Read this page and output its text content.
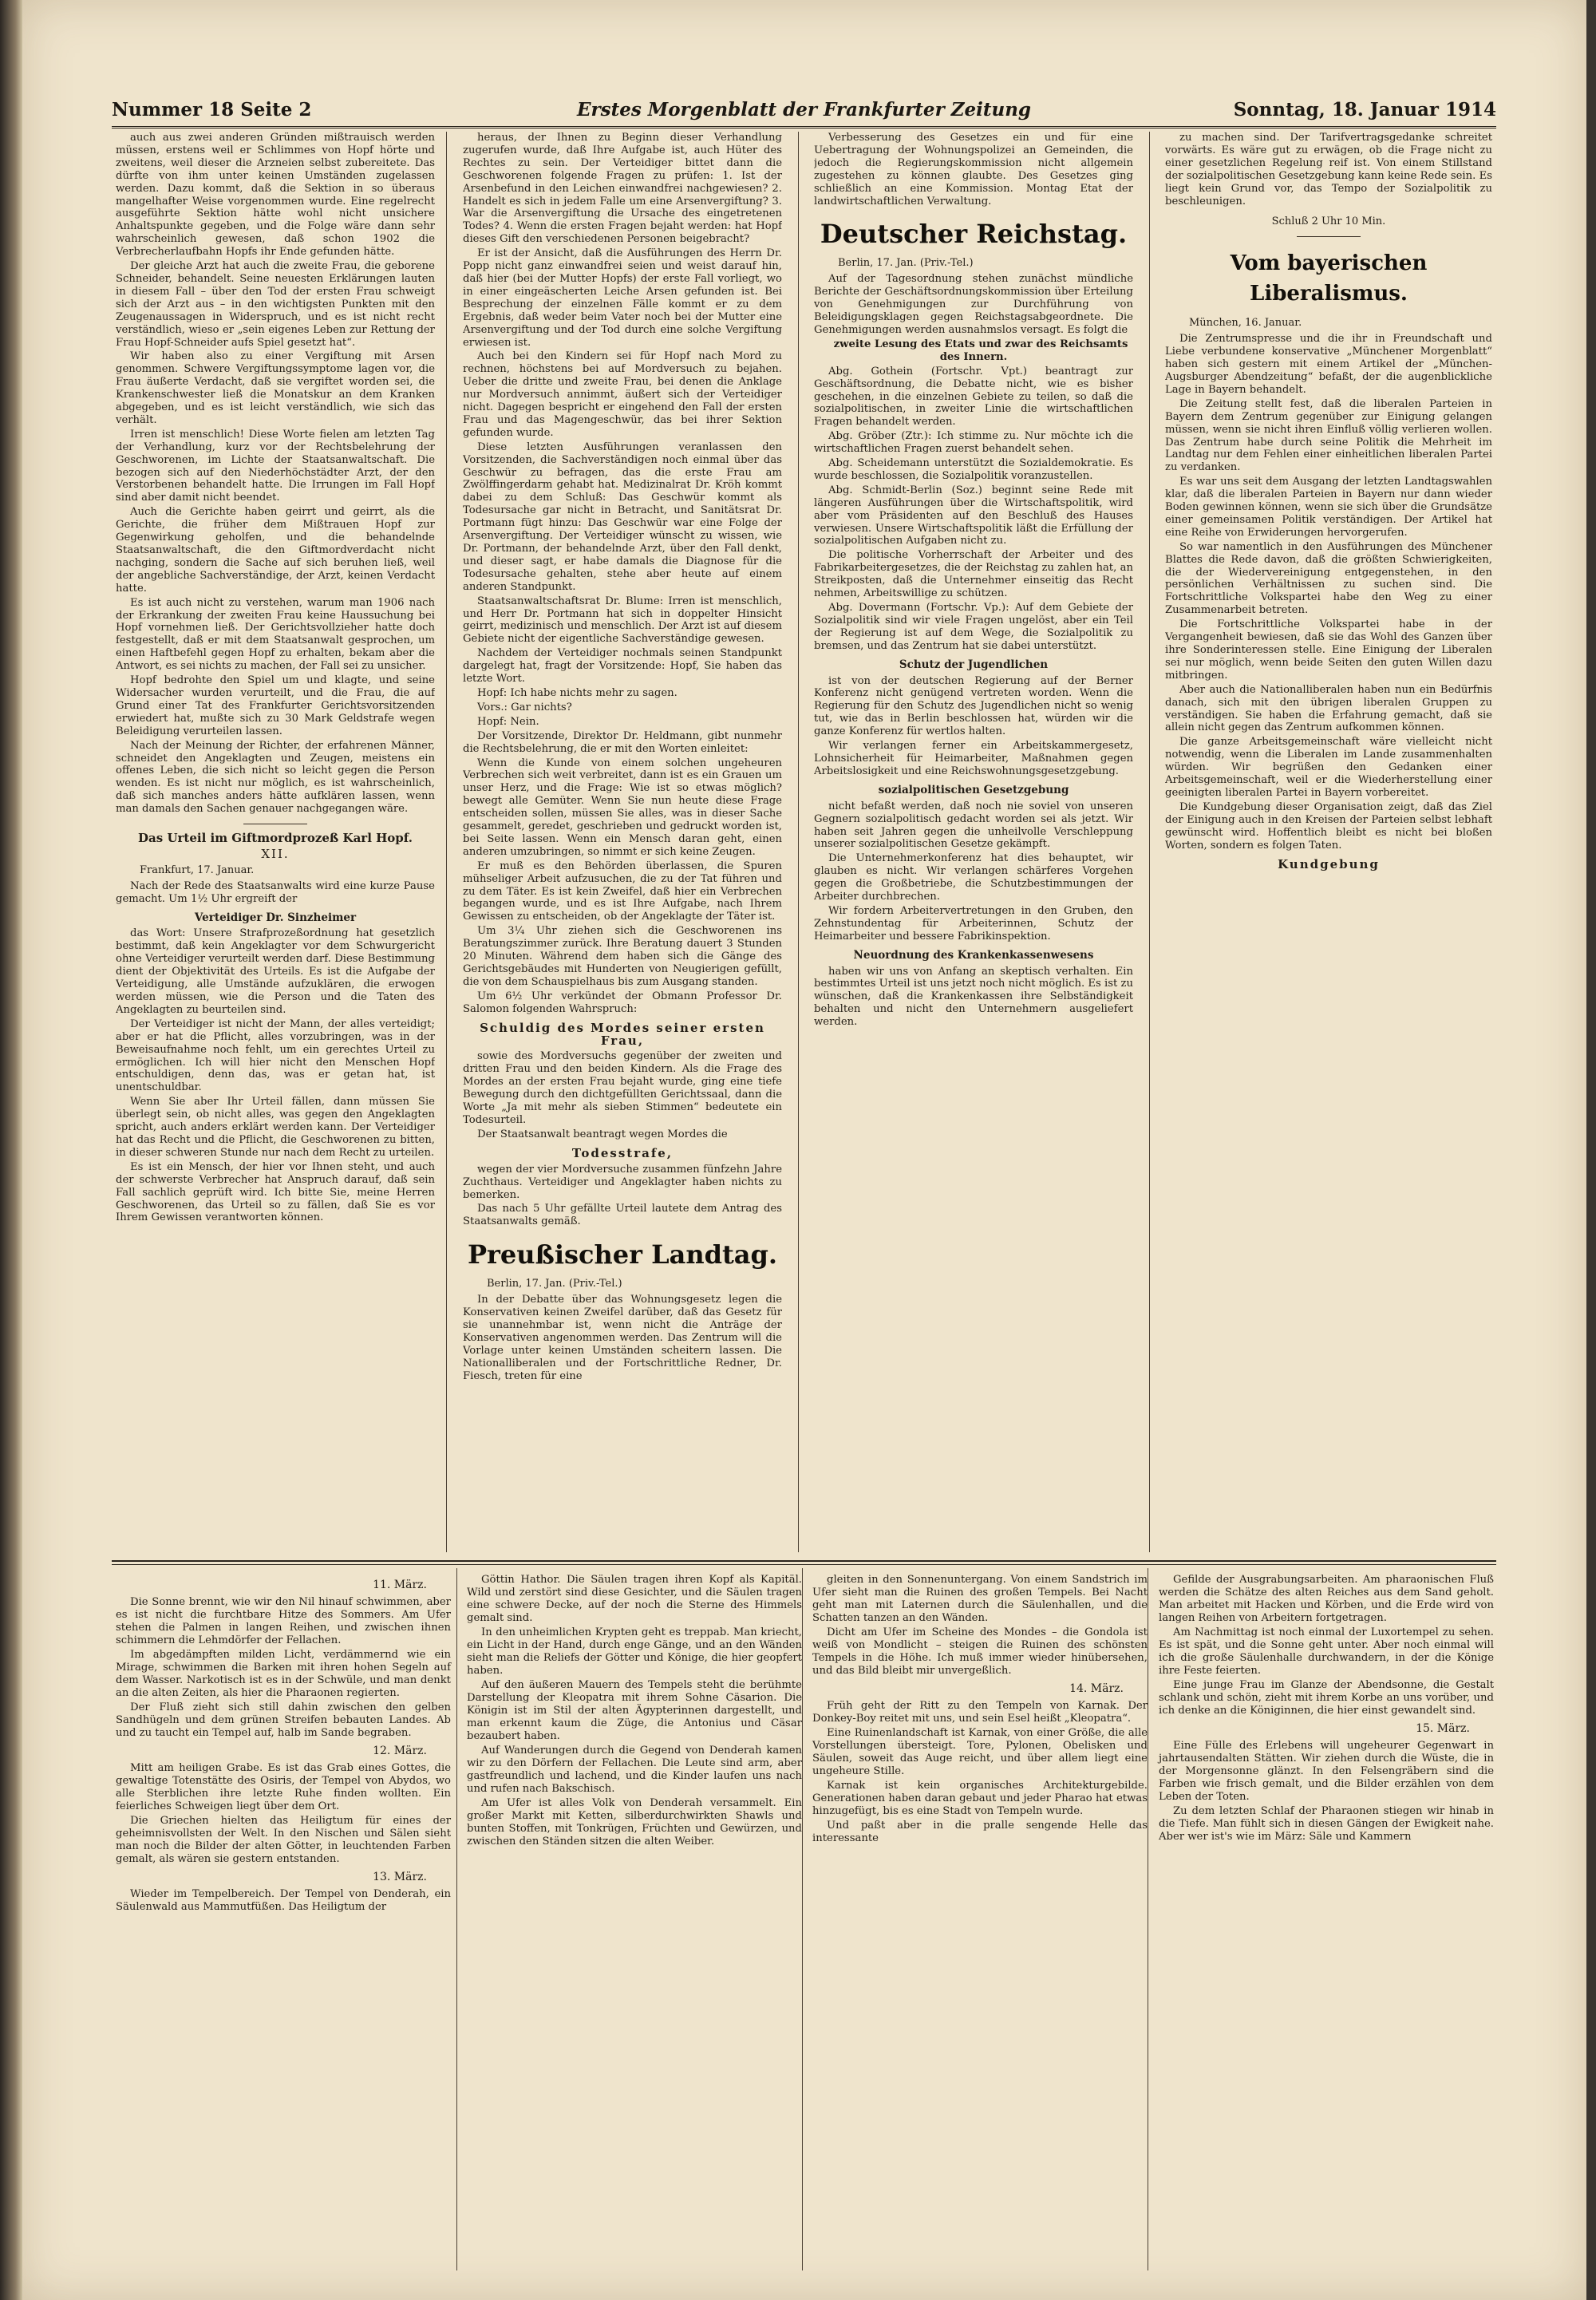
Nummer 18 Seite 2	Erstes Morgenblatt der Frankfurter Zeitung	Sonntag, 18. Januar 1914

auch aus zwei anderen Gründen mißtrauisch werden müssen, erstens weil er Schlimmes von Hopf hörte und zweitens, weil dieser die Arzneien selbst zubereitete. Das dürfte von ihm unter keinen Umständen zugelassen werden. Dazu kommt, daß die Sektion in so überaus mangelhafter Weise vorgenommen wurde. Eine regelrecht ausgeführte Sektion hätte wohl nicht unsichere Anhaltspunkte gegeben, und die Folge wäre dann sehr wahrscheinlich gewesen, daß schon 1902 die Verbrecherlaufbahn Hopfs ihr Ende gefunden hätte.

Der gleiche Arzt hat auch die zweite Frau, die geborene Schneider, behandelt. Seine neuesten Erklärungen lauten in diesem Fall – über den Tod der ersten Frau schweigt sich der Arzt aus – in den wichtigsten Punkten mit den Zeugenaussagen in Widerspruch, und es ist nicht recht verständlich, wieso er „sein eigenes Leben zur Rettung der Frau Hopf-Schneider aufs Spiel gesetzt hat“.

Wir haben also zu einer Vergiftung mit Arsen genommen. Schwere Vergiftungssymptome lagen vor, die Frau äußerte Verdacht, daß sie vergiftet worden sei, die Krankenschwester ließ die Monatskur an dem Kranken abgegeben, und es ist leicht verständlich, wie sich das verhält.

Irren ist menschlich! Diese Worte fielen am letzten Tag der Verhandlung, kurz vor der Rechtsbelehrung der Geschworenen, im Lichte der Staatsanwaltschaft. Die bezogen sich auf den Niederhöchstädter Arzt, der den Verstorbenen behandelt hatte. Die Irrungen im Fall Hopf sind aber damit nicht beendet.

Auch die Gerichte haben geirrt und geirrt, als die Gerichte, die früher dem Mißtrauen Hopf zur Gegenwirkung geholfen, und die behandelnde Staatsanwaltschaft, die den Giftmordverdacht nicht nachging, sondern die Sache auf sich beruhen ließ, weil der angebliche Sachverständige, der Arzt, keinen Verdacht hatte.

Es ist auch nicht zu verstehen, warum man 1906 nach der Erkrankung der zweiten Frau keine Haussuchung bei Hopf vornehmen ließ. Der Gerichtsvollzieher hatte doch festgestellt, daß er mit dem Staatsanwalt gesprochen, um einen Haftbefehl gegen Hopf zu erhalten, bekam aber die Antwort, es sei nichts zu machen, der Fall sei zu unsicher.

Hopf bedrohte den Spiel um und klagte, und seine Widersacher wurden verurteilt, und die Frau, die auf Grund einer Tat des Frankfurter Gerichtsvorsitzenden erwiedert hat, mußte sich zu 30 Mark Geldstrafe wegen Beleidigung verurteilen lassen.

Nach der Meinung der Richter, der erfahrenen Männer, schneidet den Angeklagten und Zeugen, meistens ein offenes Leben, die sich nicht so leicht gegen die Person wenden. Es ist nicht nur möglich, es ist wahrscheinlich, daß sich manches anders hätte aufklären lassen, wenn man damals den Sachen genauer nachgegangen wäre.

Das Urteil im Giftmordprozeß Karl Hopf.
XII.
Frankfurt, 17. Januar.

Nach der Rede des Staatsanwalts wird eine kurze Pause gemacht. Um 1½ Uhr ergreift der

Verteidiger Dr. Sinzheimer

das Wort: Unsere Strafprozeßordnung hat gesetzlich bestimmt, daß kein Angeklagter vor dem Schwurgericht ohne Verteidiger verurteilt werden darf. Diese Bestimmung dient der Objektivität des Urteils. Es ist die Aufgabe der Verteidigung, alle Umstände aufzuklären, die erwogen werden müssen, wie die Person und die Taten des Angeklagten zu beurteilen sind.

Der Verteidiger ist nicht der Mann, der alles verteidigt; aber er hat die Pflicht, alles vorzubringen, was in der Beweisaufnahme noch fehlt, um ein gerechtes Urteil zu ermöglichen. Ich will hier nicht den Menschen Hopf entschuldigen, denn das, was er getan hat, ist unentschuldbar.

Wenn Sie aber Ihr Urteil fällen, dann müssen Sie überlegt sein, ob nicht alles, was gegen den Angeklagten spricht, auch anders erklärt werden kann. Der Verteidiger hat das Recht und die Pflicht, die Geschworenen zu bitten, in dieser schweren Stunde nur nach dem Recht zu urteilen.

Es ist ein Mensch, der hier vor Ihnen steht, und auch der schwerste Verbrecher hat Anspruch darauf, daß sein Fall sachlich geprüft wird. Ich bitte Sie, meine Herren Geschworenen, das Urteil so zu fällen, daß Sie es vor Ihrem Gewissen verantworten können.

heraus, der Ihnen zu Beginn dieser Verhandlung zugerufen wurde, daß Ihre Aufgabe ist, auch Hüter des Rechtes zu sein. Der Verteidiger bittet dann die Geschworenen folgende Fragen zu prüfen: 1. Ist der Arsenbefund in den Leichen einwandfrei nachgewiesen? 2. Handelt es sich in jedem Falle um eine Arsenvergiftung? 3. War die Arsenvergiftung die Ursache des eingetretenen Todes? 4. Wenn die ersten Fragen bejaht werden: hat Hopf dieses Gift den verschiedenen Personen beigebracht?

Er ist der Ansicht, daß die Ausführungen des Herrn Dr. Popp nicht ganz einwandfrei seien und weist darauf hin, daß hier (bei der Mutter Hopfs) der erste Fall vorliegt, wo in einer eingeäscherten Leiche Arsen gefunden ist. Bei Besprechung der einzelnen Fälle kommt er zu dem Ergebnis, daß weder beim Vater noch bei der Mutter eine Arsenvergiftung und der Tod durch eine solche Vergiftung erwiesen ist.

Auch bei den Kindern sei für Hopf nach Mord zu rechnen, höchstens bei auf Mordversuch zu bejahen. Ueber die dritte und zweite Frau, bei denen die Anklage nur Mordversuch annimmt, äußert sich der Verteidiger nicht. Dagegen bespricht er eingehend den Fall der ersten Frau und das Magengeschwür, das bei ihrer Sektion gefunden wurde.

Diese letzten Ausführungen veranlassen den Vorsitzenden, die Sachverständigen noch einmal über das Geschwür zu befragen, das die erste Frau am Zwölffingerdarm gehabt hat. Medizinalrat Dr. Kröh kommt dabei zu dem Schluß: Das Geschwür kommt als Todesursache gar nicht in Betracht, und Sanitätsrat Dr. Portmann fügt hinzu: Das Geschwür war eine Folge der Arsenvergiftung. Der Verteidiger wünscht zu wissen, wie Dr. Portmann, der behandelnde Arzt, über den Fall denkt, und dieser sagt, er habe damals die Diagnose für die Todesursache gehalten, stehe aber heute auf einem anderen Standpunkt.

Staatsanwaltschaftsrat Dr. Blume: Irren ist menschlich, und Herr Dr. Portmann hat sich in doppelter Hinsicht geirrt, medizinisch und menschlich. Der Arzt ist auf diesem Gebiete nicht der eigentliche Sachverständige gewesen.

Nachdem der Verteidiger nochmals seinen Standpunkt dargelegt hat, fragt der Vorsitzende: Hopf, Sie haben das letzte Wort.

Hopf: Ich habe nichts mehr zu sagen.

Vors.: Gar nichts?

Hopf: Nein.

Der Vorsitzende, Direktor Dr. Heldmann, gibt nunmehr die Rechtsbelehrung, die er mit den Worten einleitet:

Wenn die Kunde von einem solchen ungeheuren Verbrechen sich weit verbreitet, dann ist es ein Grauen um unser Herz, und die Frage: Wie ist so etwas möglich? bewegt alle Gemüter. Wenn Sie nun heute diese Frage entscheiden sollen, müssen Sie alles, was in dieser Sache gesammelt, geredet, geschrieben und gedruckt worden ist, bei Seite lassen. Wenn ein Mensch daran geht, einen anderen umzubringen, so nimmt er sich keine Zeugen.

Er muß es den Behörden überlassen, die Spuren mühseliger Arbeit aufzusuchen, die zu der Tat führen und zu dem Täter. Es ist kein Zweifel, daß hier ein Verbrechen begangen wurde, und es ist Ihre Aufgabe, nach Ihrem Gewissen zu entscheiden, ob der Angeklagte der Täter ist.

Um 3¼ Uhr ziehen sich die Geschworenen ins Beratungszimmer zurück. Ihre Beratung dauert 3 Stunden 20 Minuten. Während dem haben sich die Gänge des Gerichtsgebäudes mit Hunderten von Neugierigen gefüllt, die von dem Schauspielhaus bis zum Ausgang standen.

Um 6½ Uhr verkündet der Obmann Professor Dr. Salomon folgenden Wahrspruch:

Schuldig des Mordes seiner ersten Frau,

sowie des Mordversuchs gegenüber der zweiten und dritten Frau und den beiden Kindern. Als die Frage des Mordes an der ersten Frau bejaht wurde, ging eine tiefe Bewegung durch den dichtgefüllten Gerichtssaal, dann die Worte „Ja mit mehr als sieben Stimmen“ bedeutete ein Todesurteil.

Der Staatsanwalt beantragt wegen Mordes die

Todesstrafe,

wegen der vier Mordversuche zusammen fünfzehn Jahre Zuchthaus. Verteidiger und Angeklagter haben nichts zu bemerken.

Das nach 5 Uhr gefällte Urteil lautete dem Antrag des Staatsanwalts gemäß.

Preußischer Landtag.
Berlin, 17. Jan. (Priv.-Tel.)

In der Debatte über das Wohnungsgesetz legen die Konservativen keinen Zweifel darüber, daß das Gesetz für sie unannehmbar ist, wenn nicht die Anträge der Konservativen angenommen werden. Das Zentrum will die Vorlage unter keinen Umständen scheitern lassen. Die Nationalliberalen und der Fortschrittliche Redner, Dr. Fiesch, treten für eine

Verbesserung des Gesetzes ein und für eine Uebertragung der Wohnungspolizei an Gemeinden, die jedoch die Regierungskommission nicht allgemein zugestehen zu können glaubte. Des Gesetzes ging schließlich an eine Kommission. Montag Etat der landwirtschaftlichen Verwaltung.

Deutscher Reichstag.
Berlin, 17. Jan. (Priv.-Tel.)

Auf der Tagesordnung stehen zunächst mündliche Berichte der Geschäftsordnungskommission über Erteilung von Genehmigungen zur Durchführung von Beleidigungsklagen gegen Reichstagsabgeordnete. Die Genehmigungen werden ausnahmslos versagt. Es folgt die

zweite Lesung des Etats und zwar des Reichsamts des Innern.

Abg. Gothein (Fortschr. Vpt.) beantragt zur Geschäftsordnung, die Debatte nicht, wie es bisher geschehen, in die einzelnen Gebiete zu teilen, so daß die sozialpolitischen, in zweiter Linie die wirtschaftlichen Fragen behandelt werden.

Abg. Gröber (Ztr.): Ich stimme zu. Nur möchte ich die wirtschaftlichen Fragen zuerst behandelt sehen.

Abg. Scheidemann unterstützt die Sozialdemokratie. Es wurde beschlossen, die Sozialpolitik voranzustellen.

Abg. Schmidt-Berlin (Soz.) beginnt seine Rede mit längeren Ausführungen über die Wirtschaftspolitik, wird aber vom Präsidenten auf den Beschluß des Hauses verwiesen. Unsere Wirtschaftspolitik läßt die Erfüllung der sozialpolitischen Aufgaben nicht zu.

Die politische Vorherrschaft der Arbeiter und des Fabrikarbeitergesetzes, die der Reichstag zu zahlen hat, an Streikposten, daß die Unternehmer einseitig das Recht nehmen, Arbeitswillige zu schützen.

Abg. Dovermann (Fortschr. Vp.): Auf dem Gebiete der Sozialpolitik sind wir viele Fragen ungelöst, aber ein Teil der Regierung ist auf dem Wege, die Sozialpolitik zu bremsen, und das Zentrum hat sie dabei unterstützt.

Schutz der Jugendlichen

ist von der deutschen Regierung auf der Berner Konferenz nicht genügend vertreten worden. Wenn die Regierung für den Schutz des Jugendlichen nicht so wenig tut, wie das in Berlin beschlossen hat, würden wir die ganze Konferenz für wertlos halten.

Wir verlangen ferner ein Arbeitskammergesetz, Lohnsicherheit für Heimarbeiter, Maßnahmen gegen Arbeitslosigkeit und eine Reichswohnungsgesetzgebung.

sozialpolitischen Gesetzgebung

nicht befaßt werden, daß noch nie soviel von unseren Gegnern sozialpolitisch gedacht worden sei als jetzt. Wir haben seit Jahren gegen die unheilvolle Verschleppung unserer sozialpolitischen Gesetze gekämpft.

Die Unternehmerkonferenz hat dies behauptet, wir glauben es nicht. Wir verlangen schärferes Vorgehen gegen die Großbetriebe, die Schutzbestimmungen der Arbeiter durchbrechen.

Wir fordern Arbeitervertretungen in den Gruben, den Zehnstundentag für Arbeiterinnen, Schutz der Heimarbeiter und bessere Fabrikinspektion.

Neuordnung des Krankenkassenwesens

haben wir uns von Anfang an skeptisch verhalten. Ein bestimmtes Urteil ist uns jetzt noch nicht möglich. Es ist zu wünschen, daß die Krankenkassen ihre Selbständigkeit behalten und nicht den Unternehmern ausgeliefert werden.

zu machen sind. Der Tarifvertragsgedanke schreitet vorwärts. Es wäre gut zu erwägen, ob die Frage nicht zu einer gesetzlichen Regelung reif ist. Von einem Stillstand der sozialpolitischen Gesetzgebung kann keine Rede sein. Es liegt kein Grund vor, das Tempo der Sozialpolitik zu beschleunigen.

Schluß 2 Uhr 10 Min.
Vom bayerischen Liberalismus.
München, 16. Januar.

Die Zentrumspresse und die ihr in Freundschaft und Liebe verbundene konservative „Münchener Morgenblatt“ haben sich gestern mit einem Artikel der „München-Augsburger Abendzeitung“ befaßt, der die augenblickliche Lage in Bayern behandelt.

Die Zeitung stellt fest, daß die liberalen Parteien in Bayern dem Zentrum gegenüber zur Einigung gelangen müssen, wenn sie nicht ihren Einfluß völlig verlieren wollen. Das Zentrum habe durch seine Politik die Mehrheit im Landtag nur dem Fehlen einer einheitlichen liberalen Partei zu verdanken.

Es war uns seit dem Ausgang der letzten Landtagswahlen klar, daß die liberalen Parteien in Bayern nur dann wieder Boden gewinnen können, wenn sie sich über die Grundsätze einer gemeinsamen Politik verständigen. Der Artikel hat eine Reihe von Erwiderungen hervorgerufen.

So war namentlich in den Ausführungen des Münchener Blattes die Rede davon, daß die größten Schwierigkeiten, die der Wiedervereinigung entgegenstehen, in den persönlichen Verhältnissen zu suchen sind. Die Fortschrittliche Volkspartei habe den Weg zu einer Zusammenarbeit betreten.

Die Fortschrittliche Volkspartei habe in der Vergangenheit bewiesen, daß sie das Wohl des Ganzen über ihre Sonderinteressen stelle. Eine Einigung der Liberalen sei nur möglich, wenn beide Seiten den guten Willen dazu mitbringen.

Aber auch die Nationalliberalen haben nun ein Bedürfnis danach, sich mit den übrigen liberalen Gruppen zu verständigen. Sie haben die Erfahrung gemacht, daß sie allein nicht gegen das Zentrum aufkommen können.

Die ganze Arbeitsgemeinschaft wäre vielleicht nicht notwendig, wenn die Liberalen im Lande zusammenhalten würden. Wir begrüßen den Gedanken einer Arbeitsgemeinschaft, weil er die Wiederherstellung einer geeinigten liberalen Partei in Bayern vorbereitet.

Die Kundgebung dieser Organisation zeigt, daß das Ziel der Einigung auch in den Kreisen der Parteien selbst lebhaft gewünscht wird. Hoffentlich bleibt es nicht bei bloßen Worten, sondern es folgen Taten.

Kundgebung
11. März.

Die Sonne brennt, wie wir den Nil hinauf schwimmen, aber es ist nicht die furchtbare Hitze des Sommers. Am Ufer stehen die Palmen in langen Reihen, und zwischen ihnen schimmern die Lehmdörfer der Fellachen.

Im abgedämpften milden Licht, verdämmernd wie ein Mirage, schwimmen die Barken mit ihren hohen Segeln auf dem Wasser. Narkotisch ist es in der Schwüle, und man denkt an die alten Zeiten, als hier die Pharaonen regierten.

Der Fluß zieht sich still dahin zwischen den gelben Sandhügeln und dem grünen Streifen bebauten Landes. Ab und zu taucht ein Tempel auf, halb im Sande begraben.

12. März.

Mitt am heiligen Grabe. Es ist das Grab eines Gottes, die gewaltige Totenstätte des Osiris, der Tempel von Abydos, wo alle Sterblichen ihre letzte Ruhe finden wollten. Ein feierliches Schweigen liegt über dem Ort.

Die Griechen hielten das Heiligtum für eines der geheimnisvollsten der Welt. In den Nischen und Sälen sieht man noch die Bilder der alten Götter, in leuchtenden Farben gemalt, als wären sie gestern entstanden.

13. März.

Wieder im Tempelbereich. Der Tempel von Denderah, ein Säulenwald aus Mammutfüßen. Das Heiligtum der

Göttin Hathor. Die Säulen tragen ihren Kopf als Kapitäl. Wild und zerstört sind diese Gesichter, und die Säulen tragen eine schwere Decke, auf der noch die Sterne des Himmels gemalt sind.

In den unheimlichen Krypten geht es treppab. Man kriecht, ein Licht in der Hand, durch enge Gänge, und an den Wänden sieht man die Reliefs der Götter und Könige, die hier geopfert haben.

Auf den äußeren Mauern des Tempels steht die berühmte Darstellung der Kleopatra mit ihrem Sohne Cäsarion. Die Königin ist im Stil der alten Ägypterinnen dargestellt, und man erkennt kaum die Züge, die Antonius und Cäsar bezaubert haben.

Auf Wanderungen durch die Gegend von Denderah kamen wir zu den Dörfern der Fellachen. Die Leute sind arm, aber gastfreundlich und lachend, und die Kinder laufen uns nach und rufen nach Bakschisch.

Am Ufer ist alles Volk von Denderah versammelt. Ein großer Markt mit Ketten, silberdurchwirkten Shawls und bunten Stoffen, mit Tonkrügen, Früchten und Gewürzen, und zwischen den Ständen sitzen die alten Weiber.

gleiten in den Sonnenuntergang. Von einem Sandstrich im Ufer sieht man die Ruinen des großen Tempels. Bei Nacht geht man mit Laternen durch die Säulenhallen, und die Schatten tanzen an den Wänden.

Dicht am Ufer im Scheine des Mondes – die Gondola ist weiß von Mondlicht – steigen die Ruinen des schönsten Tempels in die Höhe. Ich muß immer wieder hinübersehen, und das Bild bleibt mir unvergeßlich.

14. März.

Früh geht der Ritt zu den Tempeln von Karnak. Der Donkey-Boy reitet mit uns, und sein Esel heißt „Kleopatra“.

Eine Ruinenlandschaft ist Karnak, von einer Größe, die alle Vorstellungen übersteigt. Tore, Pylonen, Obelisken und Säulen, soweit das Auge reicht, und über allem liegt eine ungeheure Stille.

Karnak ist kein organisches Architekturgebilde. Generationen haben daran gebaut und jeder Pharao hat etwas hinzugefügt, bis es eine Stadt von Tempeln wurde.

Und paßt aber in die pralle sengende Helle das interessante

Gefilde der Ausgrabungsarbeiten. Am pharaonischen Fluß werden die Schätze des alten Reiches aus dem Sand geholt. Man arbeitet mit Hacken und Körben, und die Erde wird von langen Reihen von Arbeitern fortgetragen.

Am Nachmittag ist noch einmal der Luxortempel zu sehen. Es ist spät, und die Sonne geht unter. Aber noch einmal will ich die große Säulenhalle durchwandern, in der die Könige ihre Feste feierten.

Eine junge Frau im Glanze der Abendsonne, die Gestalt schlank und schön, zieht mit ihrem Korbe an uns vorüber, und ich denke an die Königinnen, die hier einst gewandelt sind.

15. März.

Eine Fülle des Erlebens will ungeheurer Gegenwart in jahrtausendalten Stätten. Wir ziehen durch die Wüste, die in der Morgensonne glänzt. In den Felsengräbern sind die Farben wie frisch gemalt, und die Bilder erzählen von dem Leben der Toten.

Zu dem letzten Schlaf der Pharaonen stiegen wir hinab in die Tiefe. Man fühlt sich in diesen Gängen der Ewigkeit nahe. Aber wer ist's wie im März: Säle und Kammern
